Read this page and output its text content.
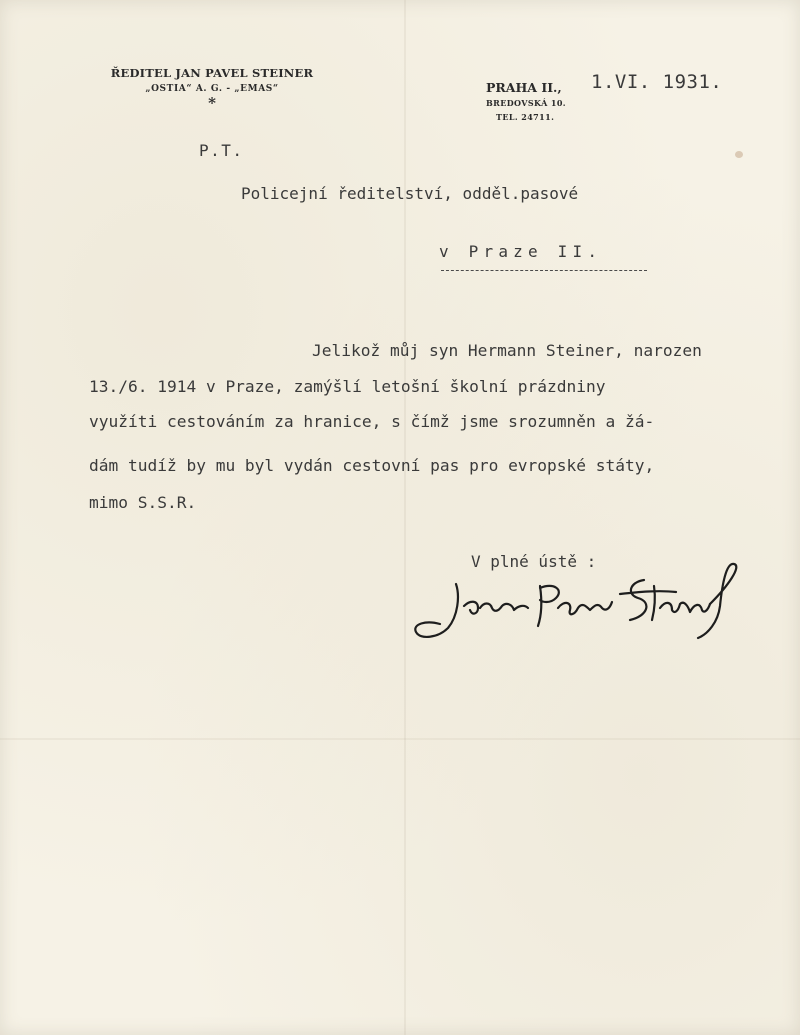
ŘEDITEL JAN PAVEL STEINER
„OSTIA“ A. G. - „EMAS“
*
PRAHA II.,
BREDOVSKÁ 10.
TEL. 24711.
1.VI. 1931.
P.T.
Policejní ředitelství, odděl.pasové
v Praze II.
Jelikož můj syn Hermann Steiner, narozen
13./6. 1914 v Praze, zamýšlí letošní školní prázdniny
využíti cestováním za hranice, s čímž jsme srozumněn a žá-
dám tudíž by mu byl vydán cestovní pas pro evropské státy,
mimo S.S.R.
V plné ústě :
